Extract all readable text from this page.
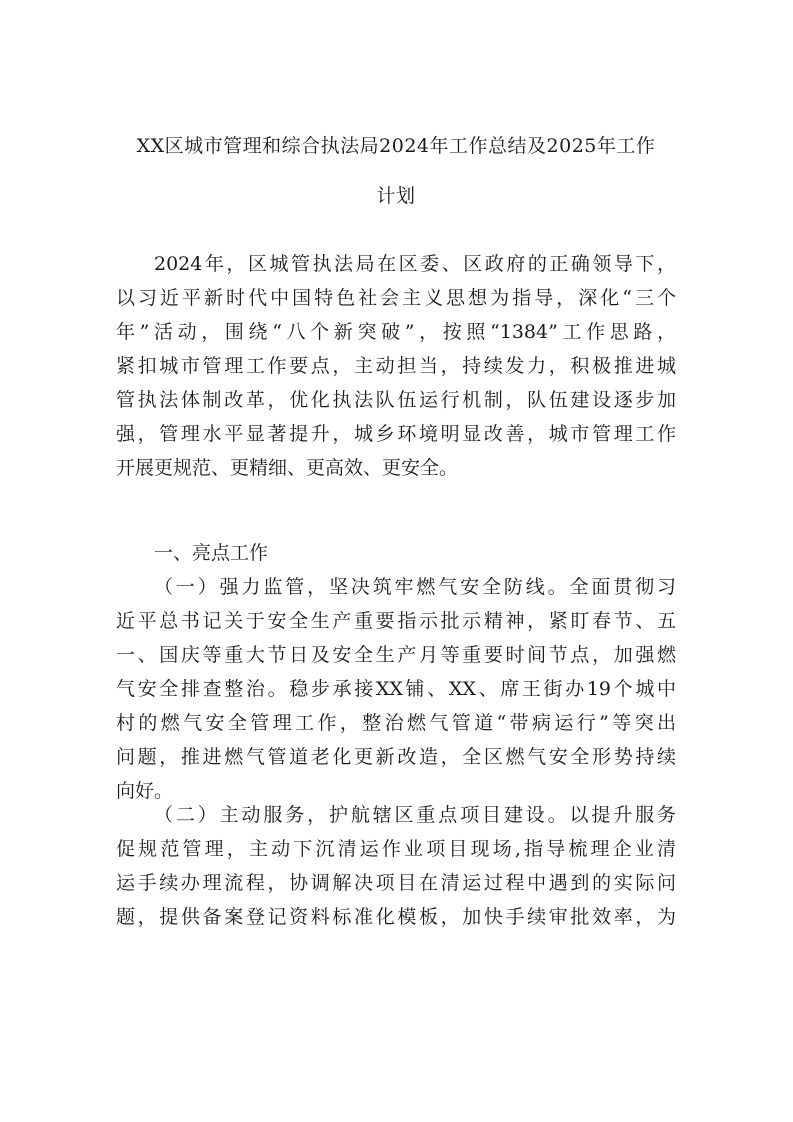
XX区城市管理和综合执法局2024年工作总结及2025年工作
计划
2024年，区城管执法局在区委、区政府的正确领导下，
以习近平新时代中国特色社会主义思想为指导，深化“三个
年”活动，围绕“八个新突破”，按照“1384”工作思路，
紧扣城市管理工作要点，主动担当，持续发力，积极推进城
管执法体制改革，优化执法队伍运行机制，队伍建设逐步加
强，管理水平显著提升，城乡环境明显改善，城市管理工作
开展更规范、更精细、更高效、更安全。
一、亮点工作
（一）强力监管，坚决筑牢燃气安全防线。全面贯彻习
近平总书记关于安全生产重要指示批示精神，紧盯春节、五
一、国庆等重大节日及安全生产月等重要时间节点，加强燃
气安全排查整治。稳步承接XX铺、XX、席王街办19个城中
村的燃气安全管理工作，整治燃气管道“带病运行”等突出
问题，推进燃气管道老化更新改造，全区燃气安全形势持续
向好。
（二）主动服务，护航辖区重点项目建设。以提升服务
促规范管理，主动下沉清运作业项目现场,指导梳理企业清
运手续办理流程，协调解决项目在清运过程中遇到的实际问
题，提供备案登记资料标准化模板，加快手续审批效率，为
